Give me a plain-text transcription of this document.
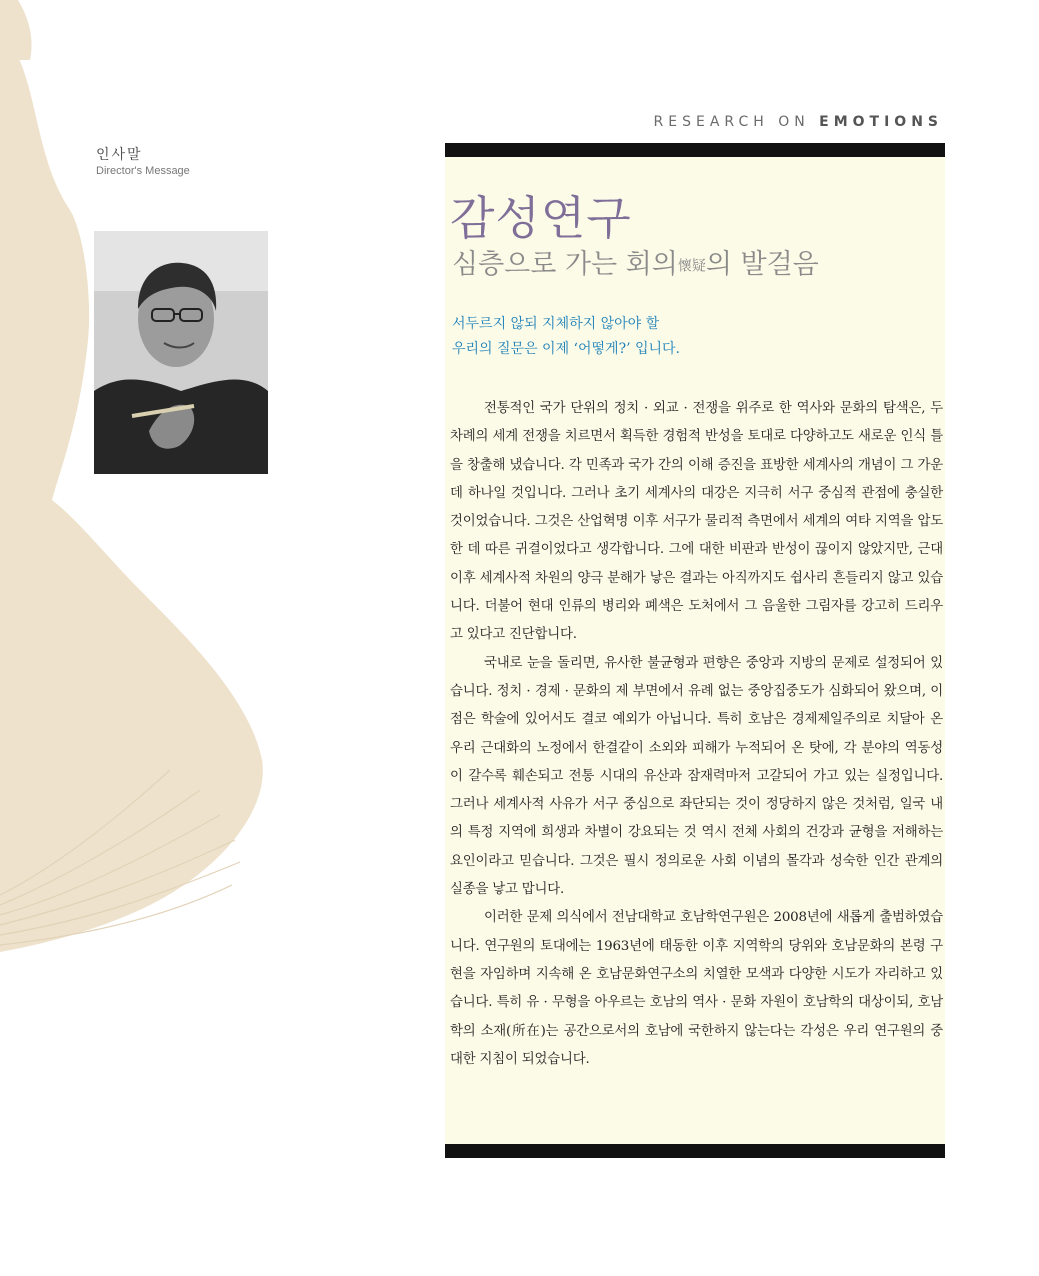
RESEARCH ON EMOTIONS
인사말
Director's Message
감성연구
심층으로 가는 회의懷疑의 발걸음
서두르지 않되 지체하지 않아야 할
우리의 질문은 이제 ‘어떻게?’ 입니다.

전통적인 국가 단위의 정치 · 외교 · 전쟁을 위주로 한 역사와 문화의 탐색은, 두 차례의 세계 전쟁을 치르면서 획득한 경험적 반성을 토대로 다양하고도 새로운 인식 틀을 창출해 냈습니다. 각 민족과 국가 간의 이해 증진을 표방한 세계사의 개념이 그 가운데 하나일 것입니다. 그러나 초기 세계사의 대강은 지극히 서구 중심적 관점에 충실한 것이었습니다. 그것은 산업혁명 이후 서구가 물리적 측면에서 세계의 여타 지역을 압도한 데 따른 귀결이었다고 생각합니다. 그에 대한 비판과 반성이 끊이지 않았지만, 근대 이후 세계사적 차원의 양극 분해가 낳은 결과는 아직까지도 쉽사리 흔들리지 않고 있습니다. 더불어 현대 인류의 병리와 폐색은 도처에서 그 음울한 그림자를 강고히 드리우고 있다고 진단합니다.

국내로 눈을 돌리면, 유사한 불균형과 편향은 중앙과 지방의 문제로 설정되어 있습니다. 정치 · 경제 · 문화의 제 부면에서 유례 없는 중앙집중도가 심화되어 왔으며, 이 점은 학술에 있어서도 결코 예외가 아닙니다. 특히 호남은 경제제일주의로 치달아 온 우리 근대화의 노정에서 한결같이 소외와 피해가 누적되어 온 탓에, 각 분야의 역동성이 갈수록 훼손되고 전통 시대의 유산과 잠재력마저 고갈되어 가고 있는 실정입니다. 그러나 세계사적 사유가 서구 중심으로 좌단되는 것이 정당하지 않은 것처럼, 일국 내의 특정 지역에 희생과 차별이 강요되는 것 역시 전체 사회의 건강과 균형을 저해하는 요인이라고 믿습니다. 그것은 필시 정의로운 사회 이념의 몰각과 성숙한 인간 관계의 실종을 낳고 맙니다.

이러한 문제 의식에서 전남대학교 호남학연구원은 2008년에 새롭게 출범하였습니다. 연구원의 토대에는 1963년에 태동한 이후 지역학의 당위와 호남문화의 본령 구현을 자임하며 지속해 온 호남문화연구소의 치열한 모색과 다양한 시도가 자리하고 있습니다. 특히 유 · 무형을 아우르는 호남의 역사 · 문화 자원이 호남학의 대상이되, 호남학의 소재(所在)는 공간으로서의 호남에 국한하지 않는다는 각성은 우리 연구원의 중대한 지침이 되었습니다.
